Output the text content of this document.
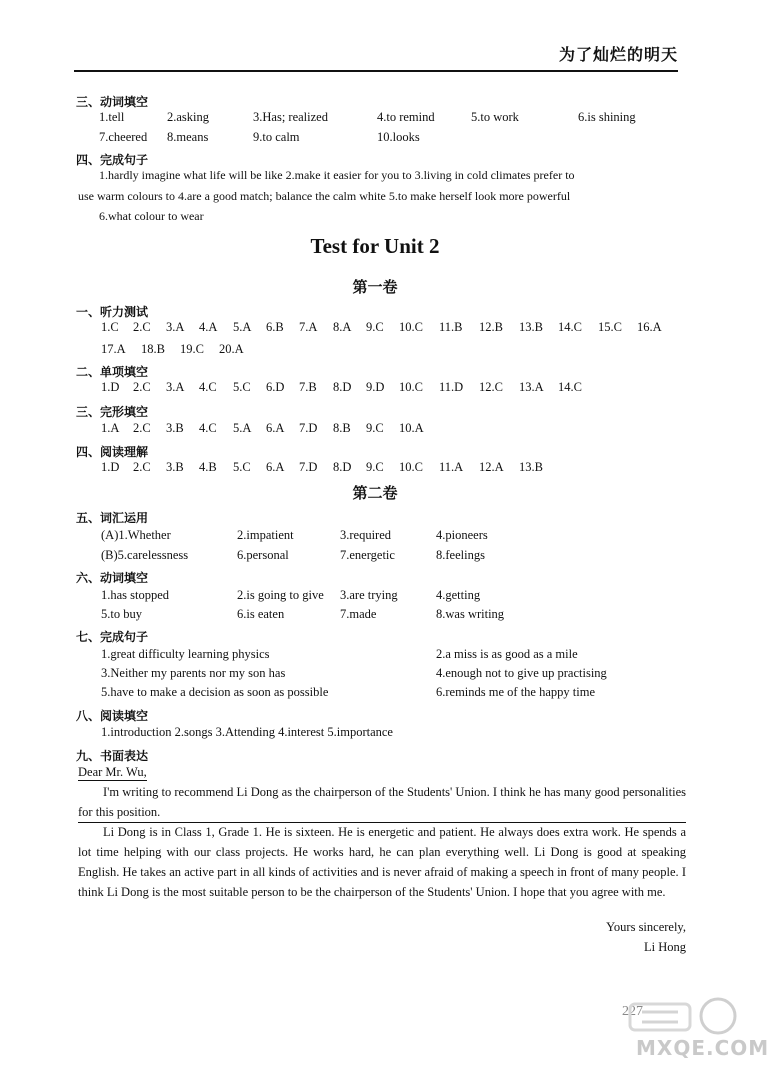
为了灿烂的明天
三、动词填空
1.tell	2.asking	3.Has; realized	4.to remind	5.to work	6.is shining
7.cheered 8.means	9.to calm	10.looks
四、完成句子
1.hardly imagine what life will be like 2.make it easier for you to 3.living in cold climates prefer to
use warm colours to 4.are a good match; balance the calm white 5.to make herself look more powerful
6.what colour to wear
Test for Unit 2
第一卷
一、听力测试
1.C 2.C 3.A 4.A 5.A 6.B 7.A 8.A 9.C 10.C 11.B 12.B 13.B 14.C 15.C 16.A
17.A 18.B 19.C 20.A
二、单项填空
1.D 2.C 3.A 4.C 5.C 6.D 7.B 8.D 9.D 10.C 11.D 12.C 13.A 14.C
三、完形填空
1.A 2.C 3.B 4.C 5.A 6.A 7.D 8.B 9.C 10.A
四、阅读理解
1.D 2.C 3.B 4.B 5.C 6.A 7.D 8.D 9.C 10.C 11.A 12.A 13.B
第二卷
五、词汇运用
(A)1.Whether	2.impatient	3.required	4.pioneers
(B)5.carelessness	6.personal	7.energetic	8.feelings
六、动词填空
1.has stopped	2.is going to give 3.are trying	4.getting
5.to buy	6.is eaten	7.made	8.was writing
七、完成句子
1.great difficulty learning physics	2.a miss is as good as a mile
3.Neither my parents nor my son has	4.enough not to give up practising
5.have to make a decision as soon as possible	6.reminds me of the happy time
八、阅读填空
1.introduction 2.songs 3.Attending 4.interest 5.importance
九、书面表达
Dear Mr. Wu,

I'm writing to recommend Li Dong as the chairperson of the Students' Union. I think he has many good personalities for this position.

Li Dong is in Class 1, Grade 1. He is sixteen. He is energetic and patient. He always does extra work. He spends a lot time helping with our class projects. He works hard, he can plan everything well. Li Dong is good at speaking English. He takes an active part in all kinds of activities and is never afraid of making a speech in front of many people. I think Li Dong is the most suitable person to be the chairperson of the Students' Union. I hope that you agree with me.

Yours sincerely,
Li Hong
227
MXQE.COM
